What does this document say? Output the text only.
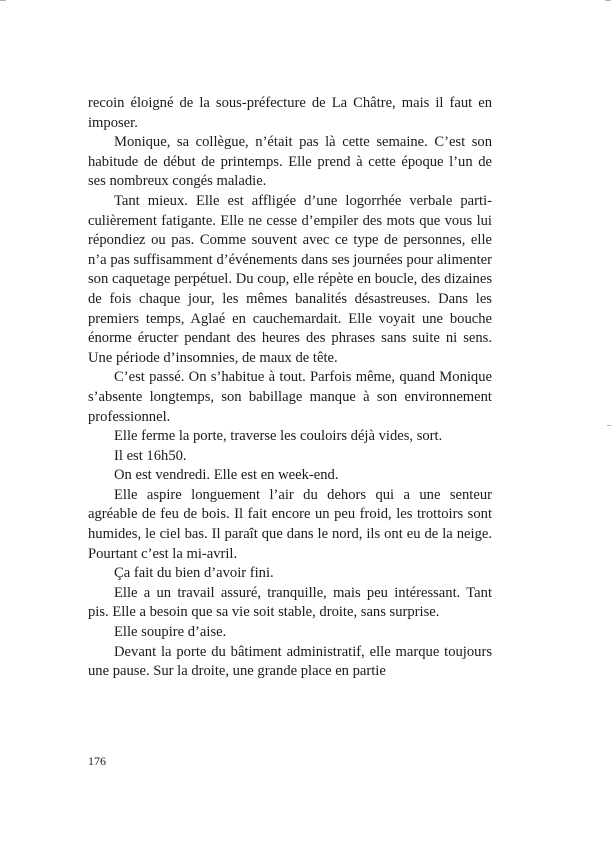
recoin éloigné de la sous-préfecture de La Châtre, mais il faut en imposer.

Monique, sa collègue, n’était pas là cette semaine. C’est son habitude de début de printemps. Elle prend à cette époque l’un de ses nombreux congés maladie.

Tant mieux. Elle est affligée d’une logorrhée verbale particulièrement fatigante. Elle ne cesse d’empiler des mots que vous lui répondiez ou pas. Comme souvent avec ce type de personnes, elle n’a pas suffisamment d’événements dans ses journées pour alimenter son caquetage perpétuel. Du coup, elle répète en boucle, des dizaines de fois chaque jour, les mêmes banalités désastreuses. Dans les premiers temps, Aglaé en cauchemardait. Elle voyait une bouche énorme éructer pendant des heures des phrases sans suite ni sens. Une période d’insomnies, de maux de tête.

C’est passé. On s’habitue à tout. Parfois même, quand Monique s’absente longtemps, son babillage manque à son environnement professionnel.

Elle ferme la porte, traverse les couloirs déjà vides, sort.

Il est 16h50.

On est vendredi. Elle est en week-end.

Elle aspire longuement l’air du dehors qui a une senteur agréable de feu de bois. Il fait encore un peu froid, les trottoirs sont humides, le ciel bas. Il paraît que dans le nord, ils ont eu de la neige. Pourtant c’est la mi-avril.

Ça fait du bien d’avoir fini.

Elle a un travail assuré, tranquille, mais peu intéressant. Tant pis. Elle a besoin que sa vie soit stable, droite, sans surprise.

Elle soupire d’aise.

Devant la porte du bâtiment administratif, elle marque toujours une pause. Sur la droite, une grande place en partie

176
